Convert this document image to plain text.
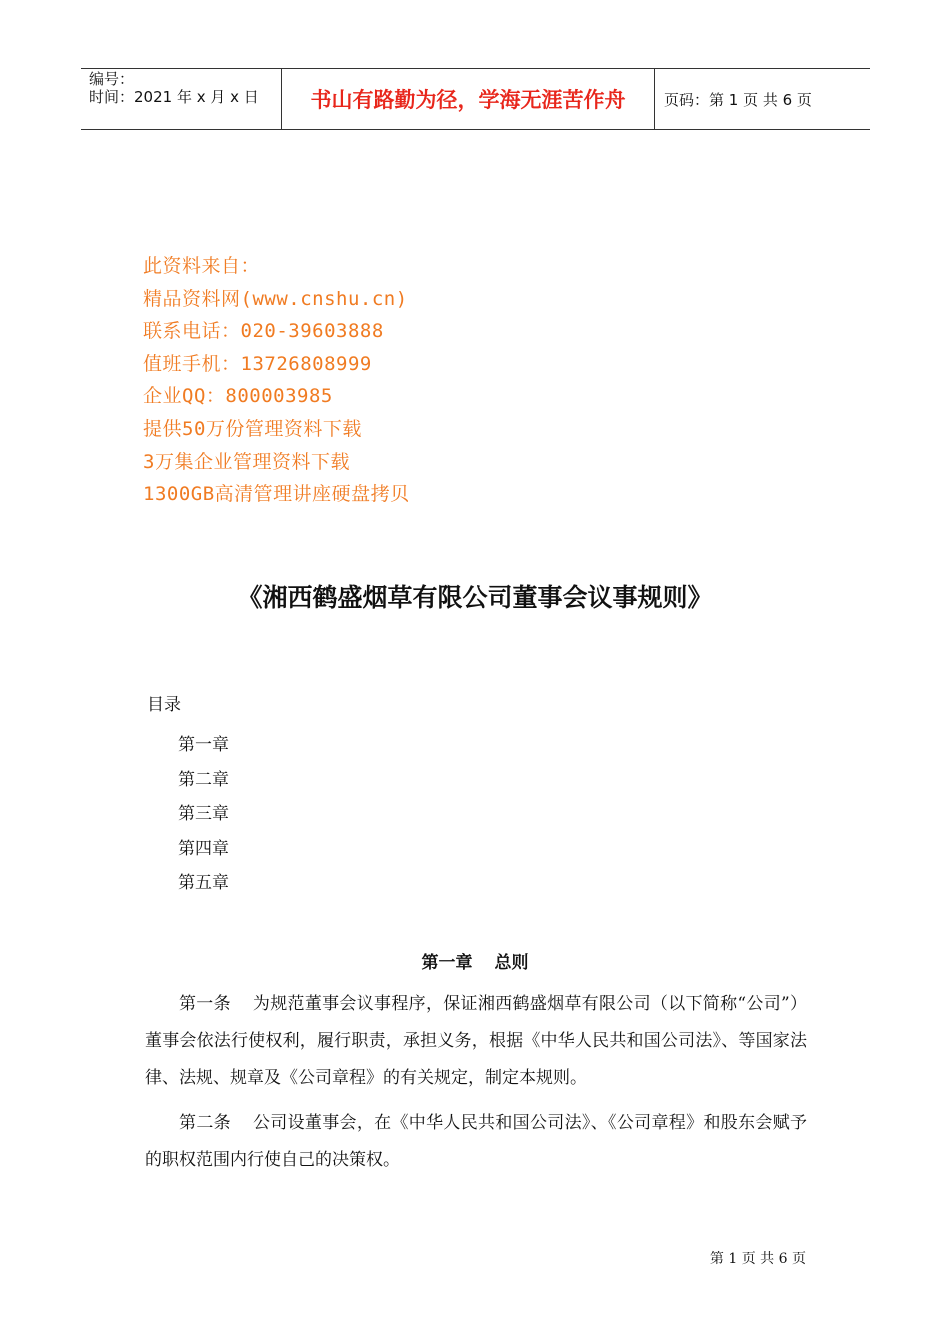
编号：
时间：2021 年 x 月 x 日	书山有路勤为径，学海无涯苦作舟	页码：第 1 页 共 6 页
此资料来自：
精品资料网(www.cnshu.cn)
联系电话：020-39603888
值班手机：13726808999
企业QQ：800003985
提供50万份管理资料下载
3万集企业管理资料下载
1300GB高清管理讲座硬盘拷贝
《湘西鹤盛烟草有限公司董事会议事规则》
目录
第一章
第二章
第三章
第四章
第五章
第一章 总则

第一条 为规范董事会议事程序，保证湘西鹤盛烟草有限公司（以下简称“公司”）董事会依法行使权利，履行职责，承担义务，根据《中华人民共和国公司法》、等国家法律、法规、规章及《公司章程》的有关规定，制定本规则。

第二条 公司设董事会，在《中华人民共和国公司法》、《公司章程》和股东会赋予的职权范围内行使自己的决策权。

第 1 页 共 6 页
